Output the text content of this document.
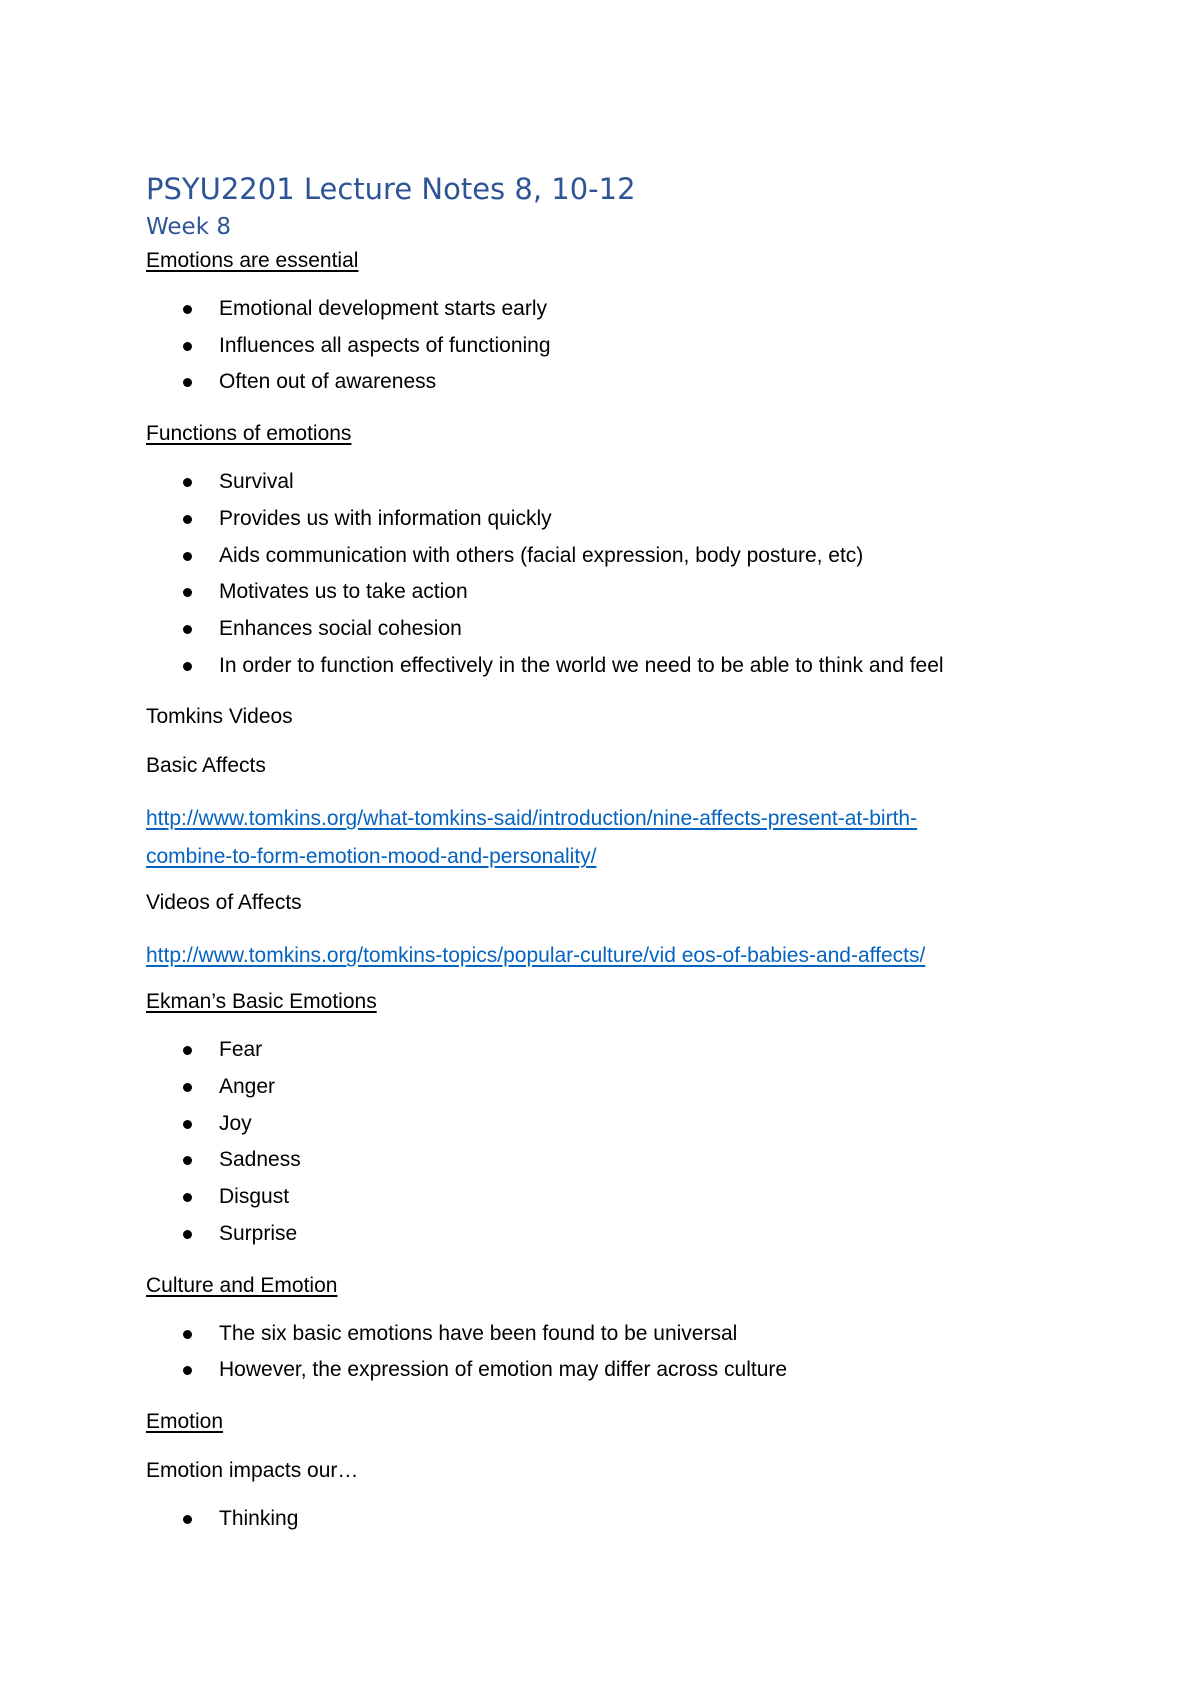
PSYU2201 Lecture Notes 8, 10-12
Week 8
Emotions are essential
Emotional development starts early
Influences all aspects of functioning
Often out of awareness
Functions of emotions
Survival
Provides us with information quickly
Aids communication with others (facial expression, body posture, etc)
Motivates us to take action
Enhances social cohesion
In order to function effectively in the world we need to be able to think and feel
Tomkins Videos
Basic Affects
http://www.tomkins.org/what-tomkins-said/introduction/nine-affects-present-at-birth-
combine-to-form-emotion-mood-and-personality/
Videos of Affects
http://www.tomkins.org/tomkins-topics/popular-culture/vid eos-of-babies-and-affects/
Ekman’s Basic Emotions
Fear
Anger
Joy
Sadness
Disgust
Surprise
Culture and Emotion
The six basic emotions have been found to be universal
However, the expression of emotion may differ across culture
Emotion
Emotion impacts our…
Thinking
